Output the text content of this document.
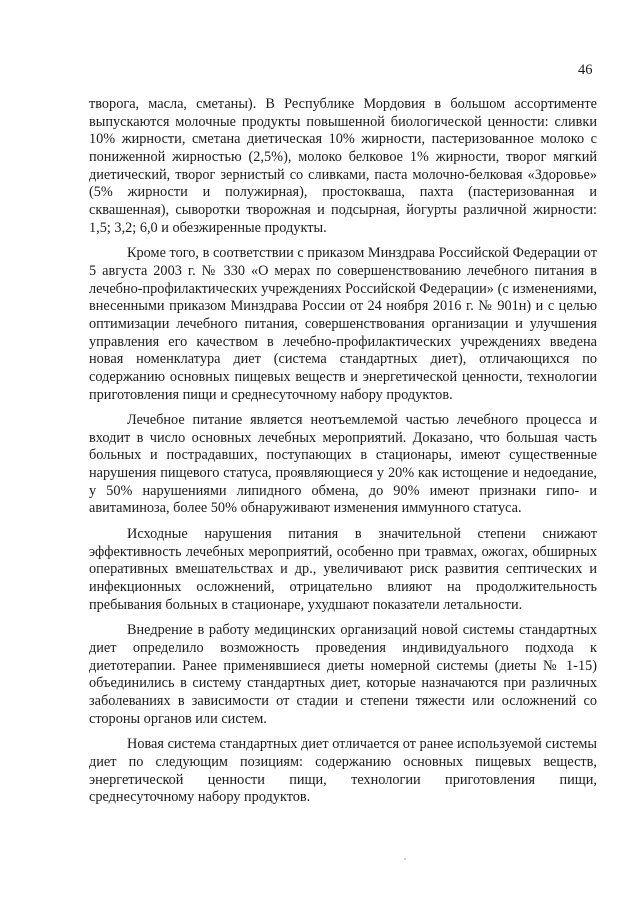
46

творога, масла, сметаны). В Республике Мордовия в большом ассортименте выпускаются молочные продукты повышенной биологической ценности: сливки 10% жирности, сметана диетическая 10% жирности, пастеризованное молоко с пониженной жирностью (2,5%), молоко белковое 1% жирности, творог мягкий диетический, творог зернистый со сливками, паста молочно-белковая «Здоровье» (5% жирности и полужирная), простокваша, пахта (пастеризованная и сквашенная), сыворотки творожная и подсырная, йогурты различной жирности: 1,5; 3,2; 6,0 и обезжиренные продукты.

Кроме того, в соответствии с приказом Минздрава Российской Федерации от 5 августа 2003 г. № 330 «О мерах по совершенствованию лечебного питания в лечебно-профилактических учреждениях Российской Федерации» (с изменениями, внесенными приказом Минздрава России от 24 ноября 2016 г. № 901н) и с целью оптимизации лечебного питания, совершенствования организации и улучшения управления его качеством в лечебно-профилактических учреждениях введена новая номенклатура диет (система стандартных диет), отличающихся по содержанию основных пищевых веществ и энергетической ценности, технологии приготовления пищи и среднесуточному набору продуктов.

Лечебное питание является неотъемлемой частью лечебного процесса и входит в число основных лечебных мероприятий. Доказано, что большая часть больных и пострадавших, поступающих в стационары, имеют существенные нарушения пищевого статуса, проявляющиеся у 20% как истощение и недоедание, у 50% нарушениями липидного обмена, до 90% имеют признаки гипо- и авитаминоза, более 50% обнаруживают изменения иммунного статуса.

Исходные нарушения питания в значительной степени снижают эффективность лечебных мероприятий, особенно при травмах, ожогах, обширных оперативных вмешательствах и др., увеличивают риск развития септических и инфекционных осложнений, отрицательно влияют на продолжительность пребывания больных в стационаре, ухудшают показатели летальности.

Внедрение в работу медицинских организаций новой системы стандартных диет определило возможность проведения индивидуального подхода к диетотерапии. Ранее применявшиеся диеты номерной системы (диеты № 1-15) объединились в систему стандартных диет, которые назначаются при различных заболеваниях в зависимости от стадии и степени тяжести или осложнений со стороны органов или систем.

Новая система стандартных диет отличается от ранее используемой системы диет по следующим позициям: содержанию основных пищевых веществ, энергетической ценности пищи, технологии приготовления пищи, среднесуточному набору продуктов.
